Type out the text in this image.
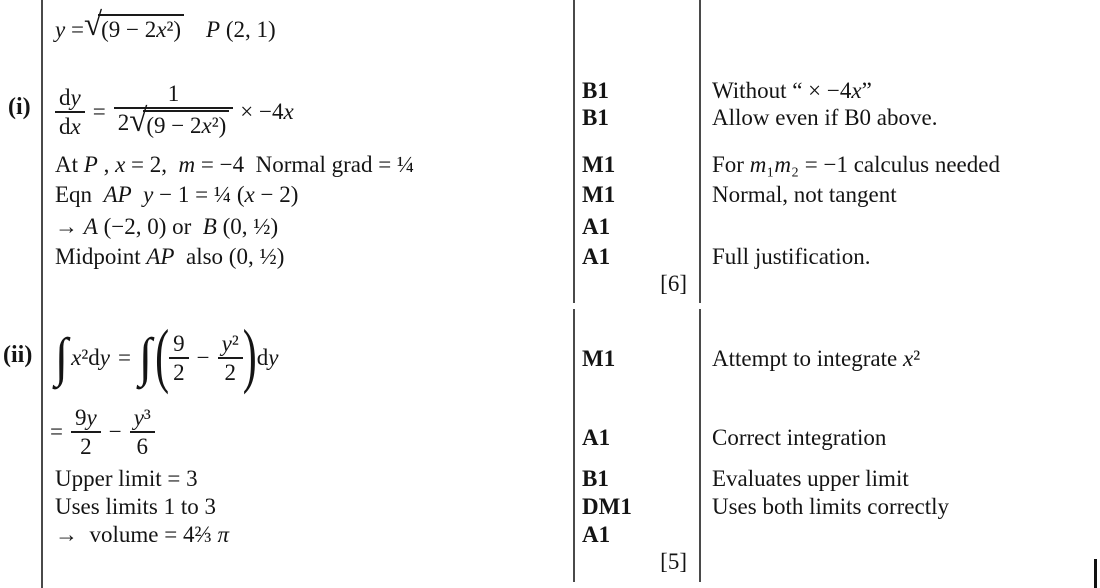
(i)
y = √ (9 − 2x²) P (2, 1)
$\frac{dy}{dx} = \frac{1}{\text{2 √ (9 − 2x²)}} \times -4x$
At P , x = 2,  m = −4  Normal grad = ¼
Eqn  AP y − 1 = ¼ (x − 2)
→ A (−2, 0) or  B (0, ½)
Midpoint AP  also (0, ½)
B1
B1
M1
M1
A1
A1
[6]
Without “ × −4x”
Allow even if B0 above.
For m₁m₂ = −1 calculus needed
Normal, not tangent
Full justification.
(ii) ∫ x²dy = ∫ ( $\frac{9}{2} - \frac{\text{y²}}{2}$ ) dy
= $\frac{9y}{2} - \frac{\text{y³}}{6}$
Upper limit = 3
Uses limits 1 to 3
→  volume = 4⅔ π
M1
A1
B1
DM1
A1
[5]
Attempt to integrate x²
Correct integration
Evaluates upper limit
Uses both limits correctly
